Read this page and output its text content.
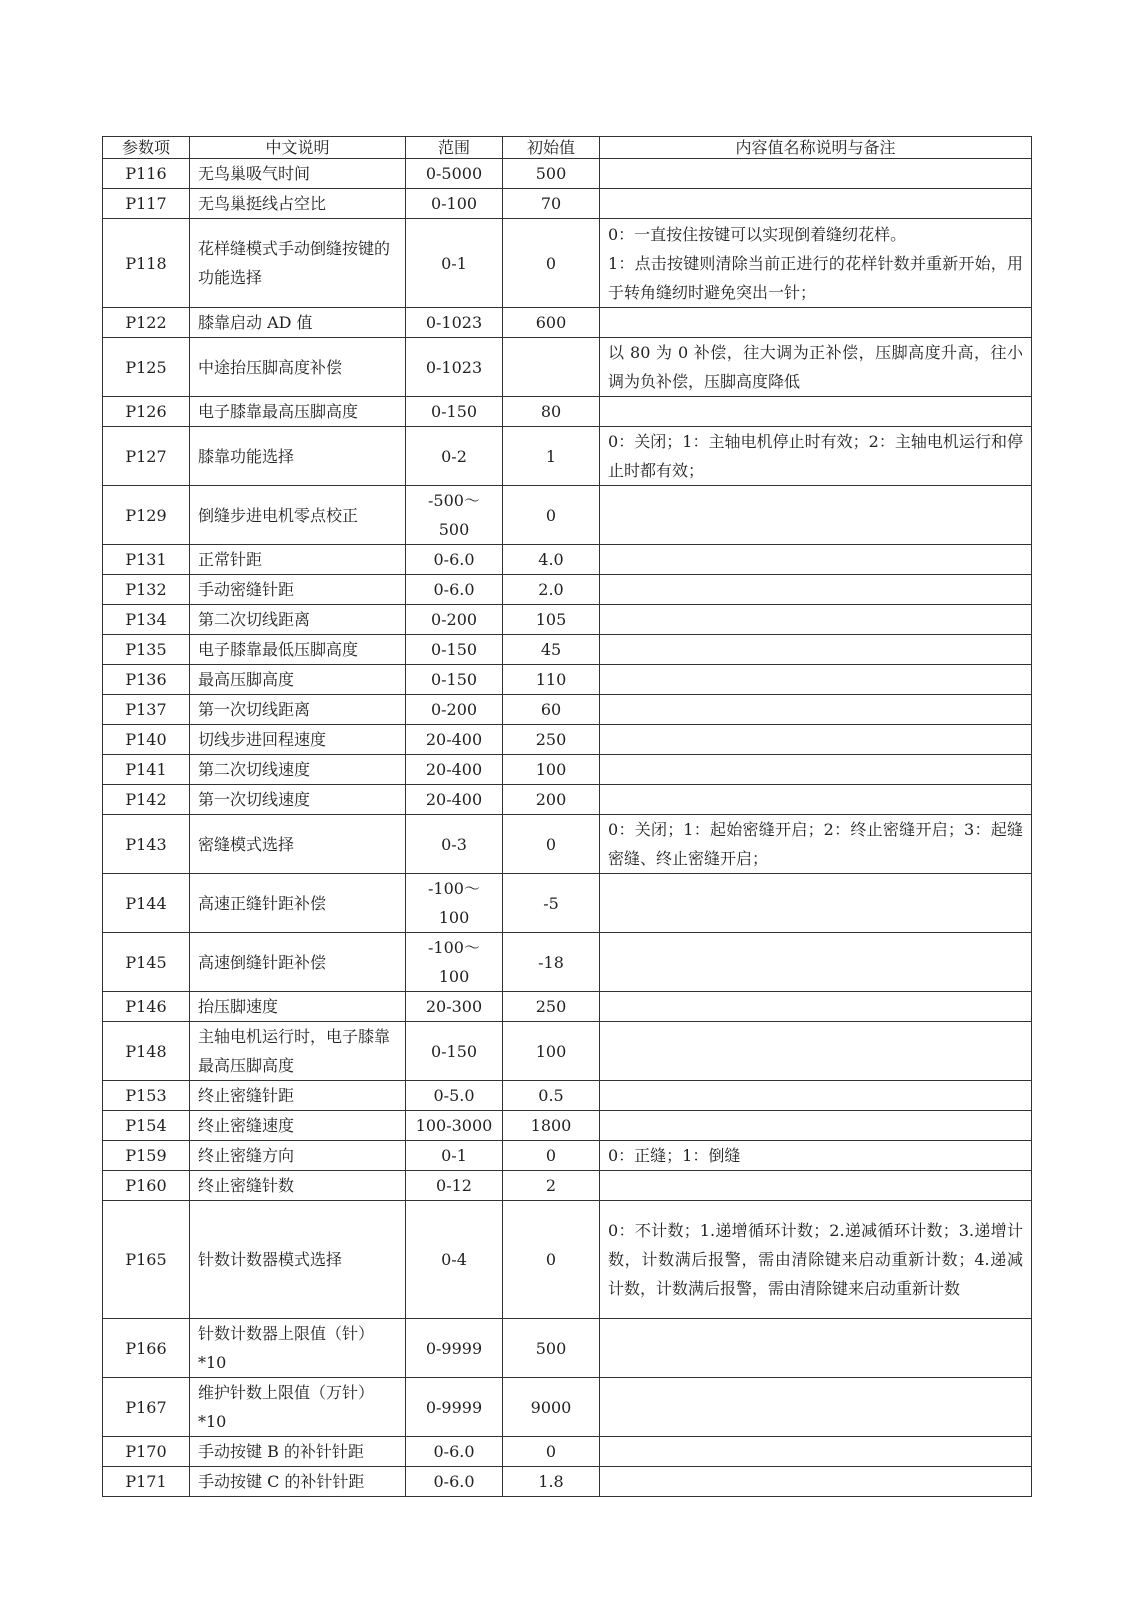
参数项	中文说明	范围	初始值	内容值名称说明与备注
P116	无鸟巢吸气时间	0-5000	500	
P117	无鸟巢挺线占空比	0-100	70	
P118	花样缝模式手动倒缝按键的功能选择	0-1	0	0：一直按住按键可以实现倒着缝纫花样。
1：点击按键则清除当前正进行的花样针数并重新开始，用于转角缝纫时避免突出一针；
P122	膝靠启动 AD 值	0-1023	600	
P125	中途抬压脚高度补偿	0-1023		以 80 为 0 补偿，往大调为正补偿，压脚高度升高，往小调为负补偿，压脚高度降低
P126	电子膝靠最高压脚高度	0-150	80	
P127	膝靠功能选择	0-2	1	0：关闭；1：主轴电机停止时有效；2：主轴电机运行和停止时都有效；
P129	倒缝步进电机零点校正	-500～500	0	
P131	正常针距	0-6.0	4.0	
P132	手动密缝针距	0-6.0	2.0	
P134	第二次切线距离	0-200	105	
P135	电子膝靠最低压脚高度	0-150	45	
P136	最高压脚高度	0-150	110	
P137	第一次切线距离	0-200	60	
P140	切线步进回程速度	20-400	250	
P141	第二次切线速度	20-400	100	
P142	第一次切线速度	20-400	200	
P143	密缝模式选择	0-3	0	0：关闭；1：起始密缝开启；2：终止密缝开启；3：起缝密缝、终止密缝开启；
P144	高速正缝针距补偿	-100～100	-5	
P145	高速倒缝针距补偿	-100～100	-18	
P146	抬压脚速度	20-300	250	
P148	主轴电机运行时，电子膝靠最高压脚高度	0-150	100	
P153	终止密缝针距	0-5.0	0.5	
P154	终止密缝速度	100-3000	1800	
P159	终止密缝方向	0-1	0	0：正缝；1：倒缝
P160	终止密缝针数	0-12	2	
P165	针数计数器模式选择	0-4	0	0：不计数；1.递增循环计数；2.递减循环计数；3.递增计数，计数满后报警，需由清除键来启动重新计数；4.递减计数，计数满后报警，需由清除键来启动重新计数
P166	针数计数器上限值（针）*10	0-9999	500	
P167	维护针数上限值（万针）*10	0-9999	9000	
P170	手动按键 B 的补针针距	0-6.0	0	
P171	手动按键 C 的补针针距	0-6.0	1.8	
